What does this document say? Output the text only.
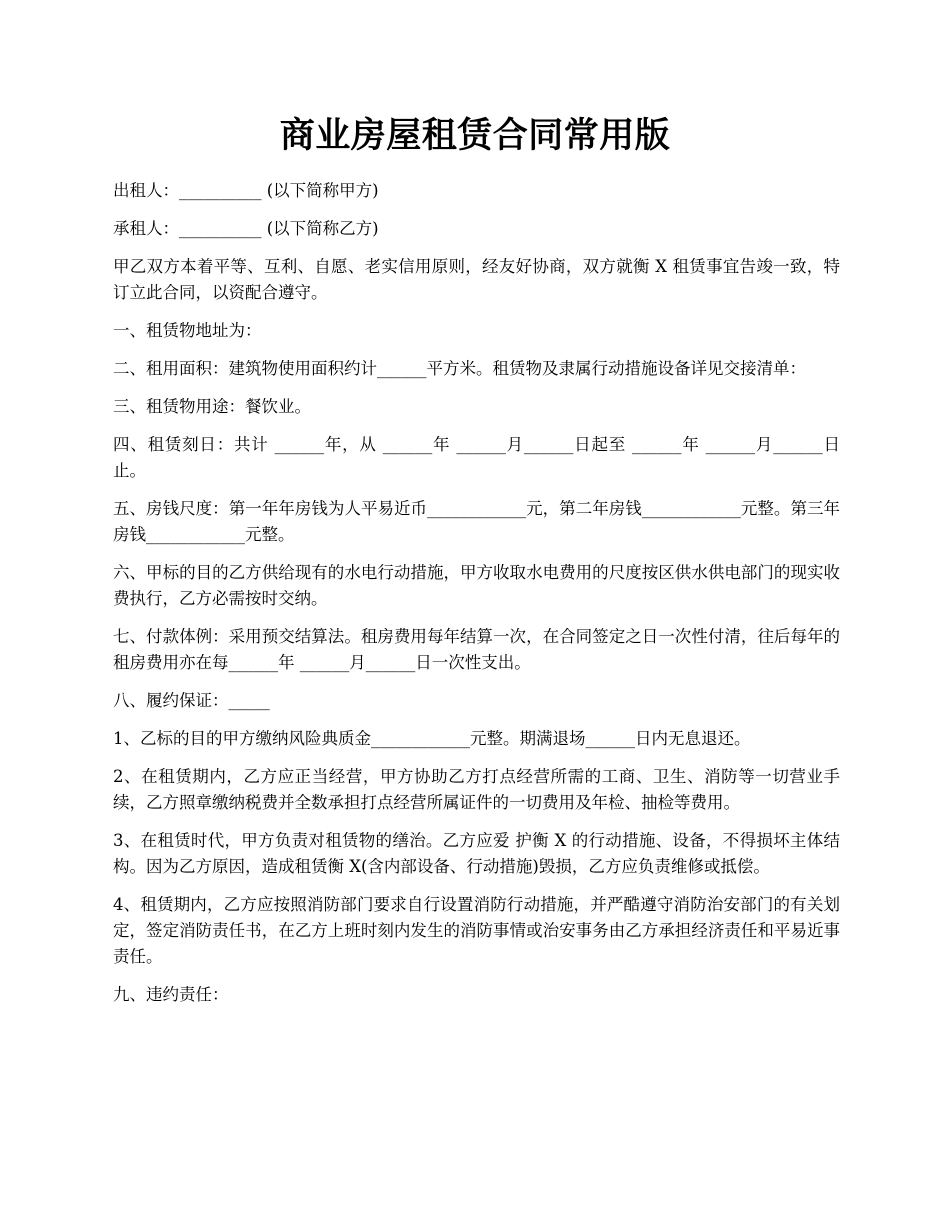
商业房屋租赁合同常用版

出租人：__________ (以下简称甲方)

承租人：__________ (以下简称乙方)

甲乙双方本着平等、互利、自愿、老实信用原则，经友好协商，双方就衡 X 租赁事宜告竣一致，特订立此合同，以资配合遵守。

一、租赁物地址为：

二、租用面积：建筑物使用面积约计______平方米。租赁物及隶属行动措施设备详见交接清单：

三、租赁物用途：餐饮业。

四、租赁刻日：共计 ______年，从 ______年 ______月______日起至 ______年 ______月______日止。

五、房钱尺度：第一年年房钱为人平易近币____________元，第二年房钱____________元整。第三年房钱____________元整。

六、甲标的目的乙方供给现有的水电行动措施，甲方收取水电费用的尺度按区供水供电部门的现实收费执行，乙方必需按时交纳。

七、付款体例：采用预交结算法。租房费用每年结算一次，在合同签定之日一次性付清，往后每年的租房费用亦在每______年 ______月______日一次性支出。

八、履约保证：_____

1、乙标的目的甲方缴纳风险典质金____________元整。期满退场______日内无息退还。

2、在租赁期内，乙方应正当经营，甲方协助乙方打点经营所需的工商、卫生、消防等一切营业手续，乙方照章缴纳税费并全数承担打点经营所属证件的一切费用及年检、抽检等费用。

3、在租赁时代，甲方负责对租赁物的缮治。乙方应爱 护衡 X 的行动措施、设备，不得损坏主体结构。因为乙方原因，造成租赁衡 X(含内部设备、行动措施)毁损，乙方应负责维修或抵偿。

4、租赁期内，乙方应按照消防部门要求自行设置消防行动措施，并严酷遵守消防治安部门的有关划定，签定消防责任书，在乙方上班时刻内发生的消防事情或治安事务由乙方承担经济责任和平易近事责任。

九、违约责任：
